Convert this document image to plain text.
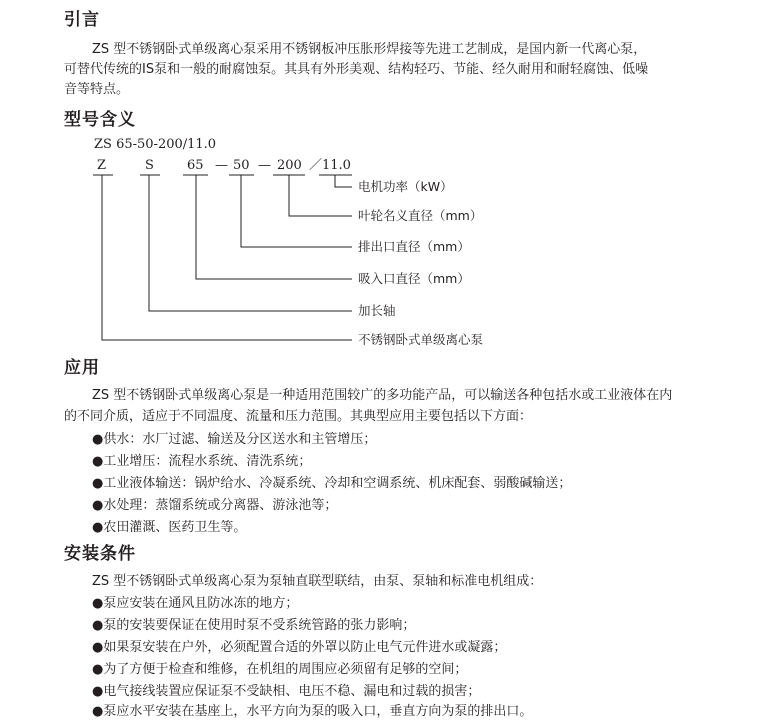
引言

ZS 型不锈钢卧式单级离心泵采用不锈钢板冲压胀形焊接等先进工艺制成，是国内新一代离心泵，

可替代传统的IS泵和一般的耐腐蚀泵。其具有外形美观、结构轻巧、节能、经久耐用和耐轻腐蚀、低噪

音等特点。

型号含义
ZS 65-50-200/11.0
Z	S	65 — 50 — 200 ／ 11.0
电机功率（kW）
叶轮名义直径（mm）
排出口直径（mm）
吸入口直径（mm）
加长轴
不锈钢卧式单级离心泵
应用

ZS 型不锈钢卧式单级离心泵是一种适用范围较广的多功能产品，可以输送各种包括水或工业液体在内

的不同介质，适应于不同温度、流量和压力范围。其典型应用主要包括以下方面：

●供水：水厂过滤、输送及分区送水和主管增压；

●工业增压：流程水系统、清洗系统；

●工业液体输送：锅炉给水、冷凝系统、冷却和空调系统、机床配套、弱酸碱输送；

●水处理：蒸馏系统或分离器、游泳池等；

●农田灌溉、医药卫生等。

安装条件

ZS 型不锈钢卧式单级离心泵为泵轴直联型联结，由泵、泵轴和标准电机组成：

●泵应安装在通风且防冰冻的地方；

●泵的安装要保证在使用时泵不受系统管路的张力影响；

●如果泵安装在户外，必须配置合适的外罩以防止电气元件进水或凝露；

●为了方便于检查和维修，在机组的周围应必须留有足够的空间；

●电气接线装置应保证泵不受缺相、电压不稳、漏电和过载的损害；

●泵应水平安装在基座上，水平方向为泵的吸入口，垂直方向为泵的排出口。
